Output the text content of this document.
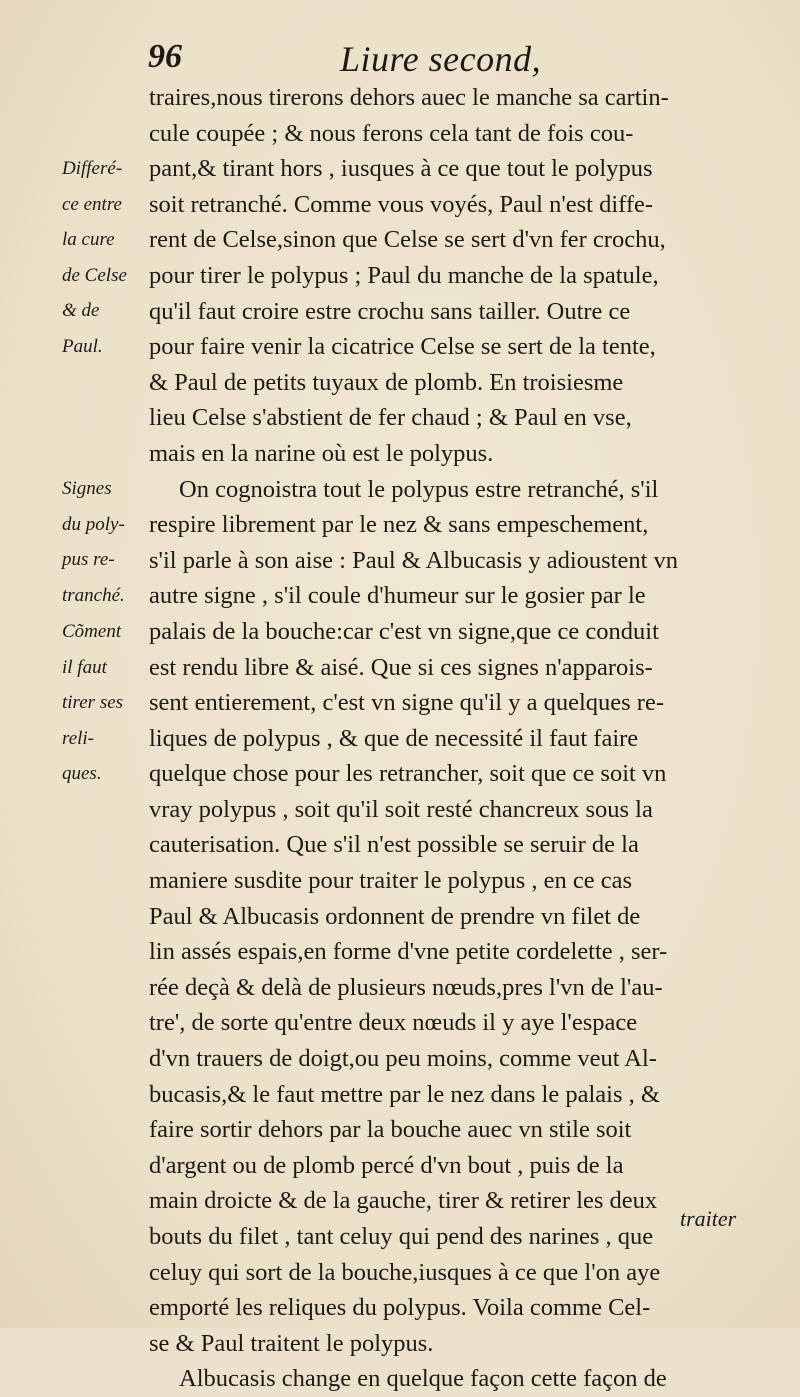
96	Liure second,
traires,nous tirerons dehors auec le manche sa cartin-
cule coupée ; & nous ferons cela tant de fois cou-
pant,& tirant hors , iusques à ce que tout le polypus
soit retranché. Comme vous voyés, Paul n'est diffe-
rent de Celse,sinon que Celse se sert d'vn fer crochu,
pour tirer le polypus ; Paul du manche de la spatule,
qu'il faut croire estre crochu sans tailler. Outre ce
pour faire venir la cicatrice Celse se sert de la tente,
& Paul de petits tuyaux de plomb. En troisiesme
lieu Celse s'abstient de fer chaud ; & Paul en vse,
mais en la narine où est le polypus.
On cognoistra tout le polypus estre retranché, s'il
respire librement par le nez & sans empeschement,
s'il parle à son aise : Paul & Albucasis y adioustent vn
autre signe , s'il coule d'humeur sur le gosier par le
palais de la bouche:car c'est vn signe,que ce conduit
est rendu libre & aisé. Que si ces signes n'apparois-
sent entierement, c'est vn signe qu'il y a quelques re-
liques de polypus , & que de necessité il faut faire
quelque chose pour les retrancher, soit que ce soit vn
vray polypus , soit qu'il soit resté chancreux sous la
cauterisation. Que s'il n'est possible se seruir de la
maniere susdite pour traiter le polypus , en ce cas
Paul & Albucasis ordonnent de prendre vn filet de
lin assés espais,en forme d'vne petite cordelette , ser-
rée deçà & delà de plusieurs nœuds,pres l'vn de l'au-
tre', de sorte qu'entre deux nœuds il y aye l'espace
d'vn trauers de doigt,ou peu moins, comme veut Al-
bucasis,& le faut mettre par le nez dans le palais , &
faire sortir dehors par la bouche auec vn stile soit
d'argent ou de plomb percé d'vn bout , puis de la
main droicte & de la gauche, tirer & retirer les deux
bouts du filet , tant celuy qui pend des narines , que
celuy qui sort de la bouche,iusques à ce que l'on aye
emporté les reliques du polypus. Voila comme Cel-
se & Paul traitent le polypus.
Albucasis change en quelque façon cette façon de
Differé-
ce entre
la cure
de Celse
& de
Paul.
Signes
du poly-
pus re-
tranché.
Cõment
il faut
tirer ses
reli-
ques.
traiter
